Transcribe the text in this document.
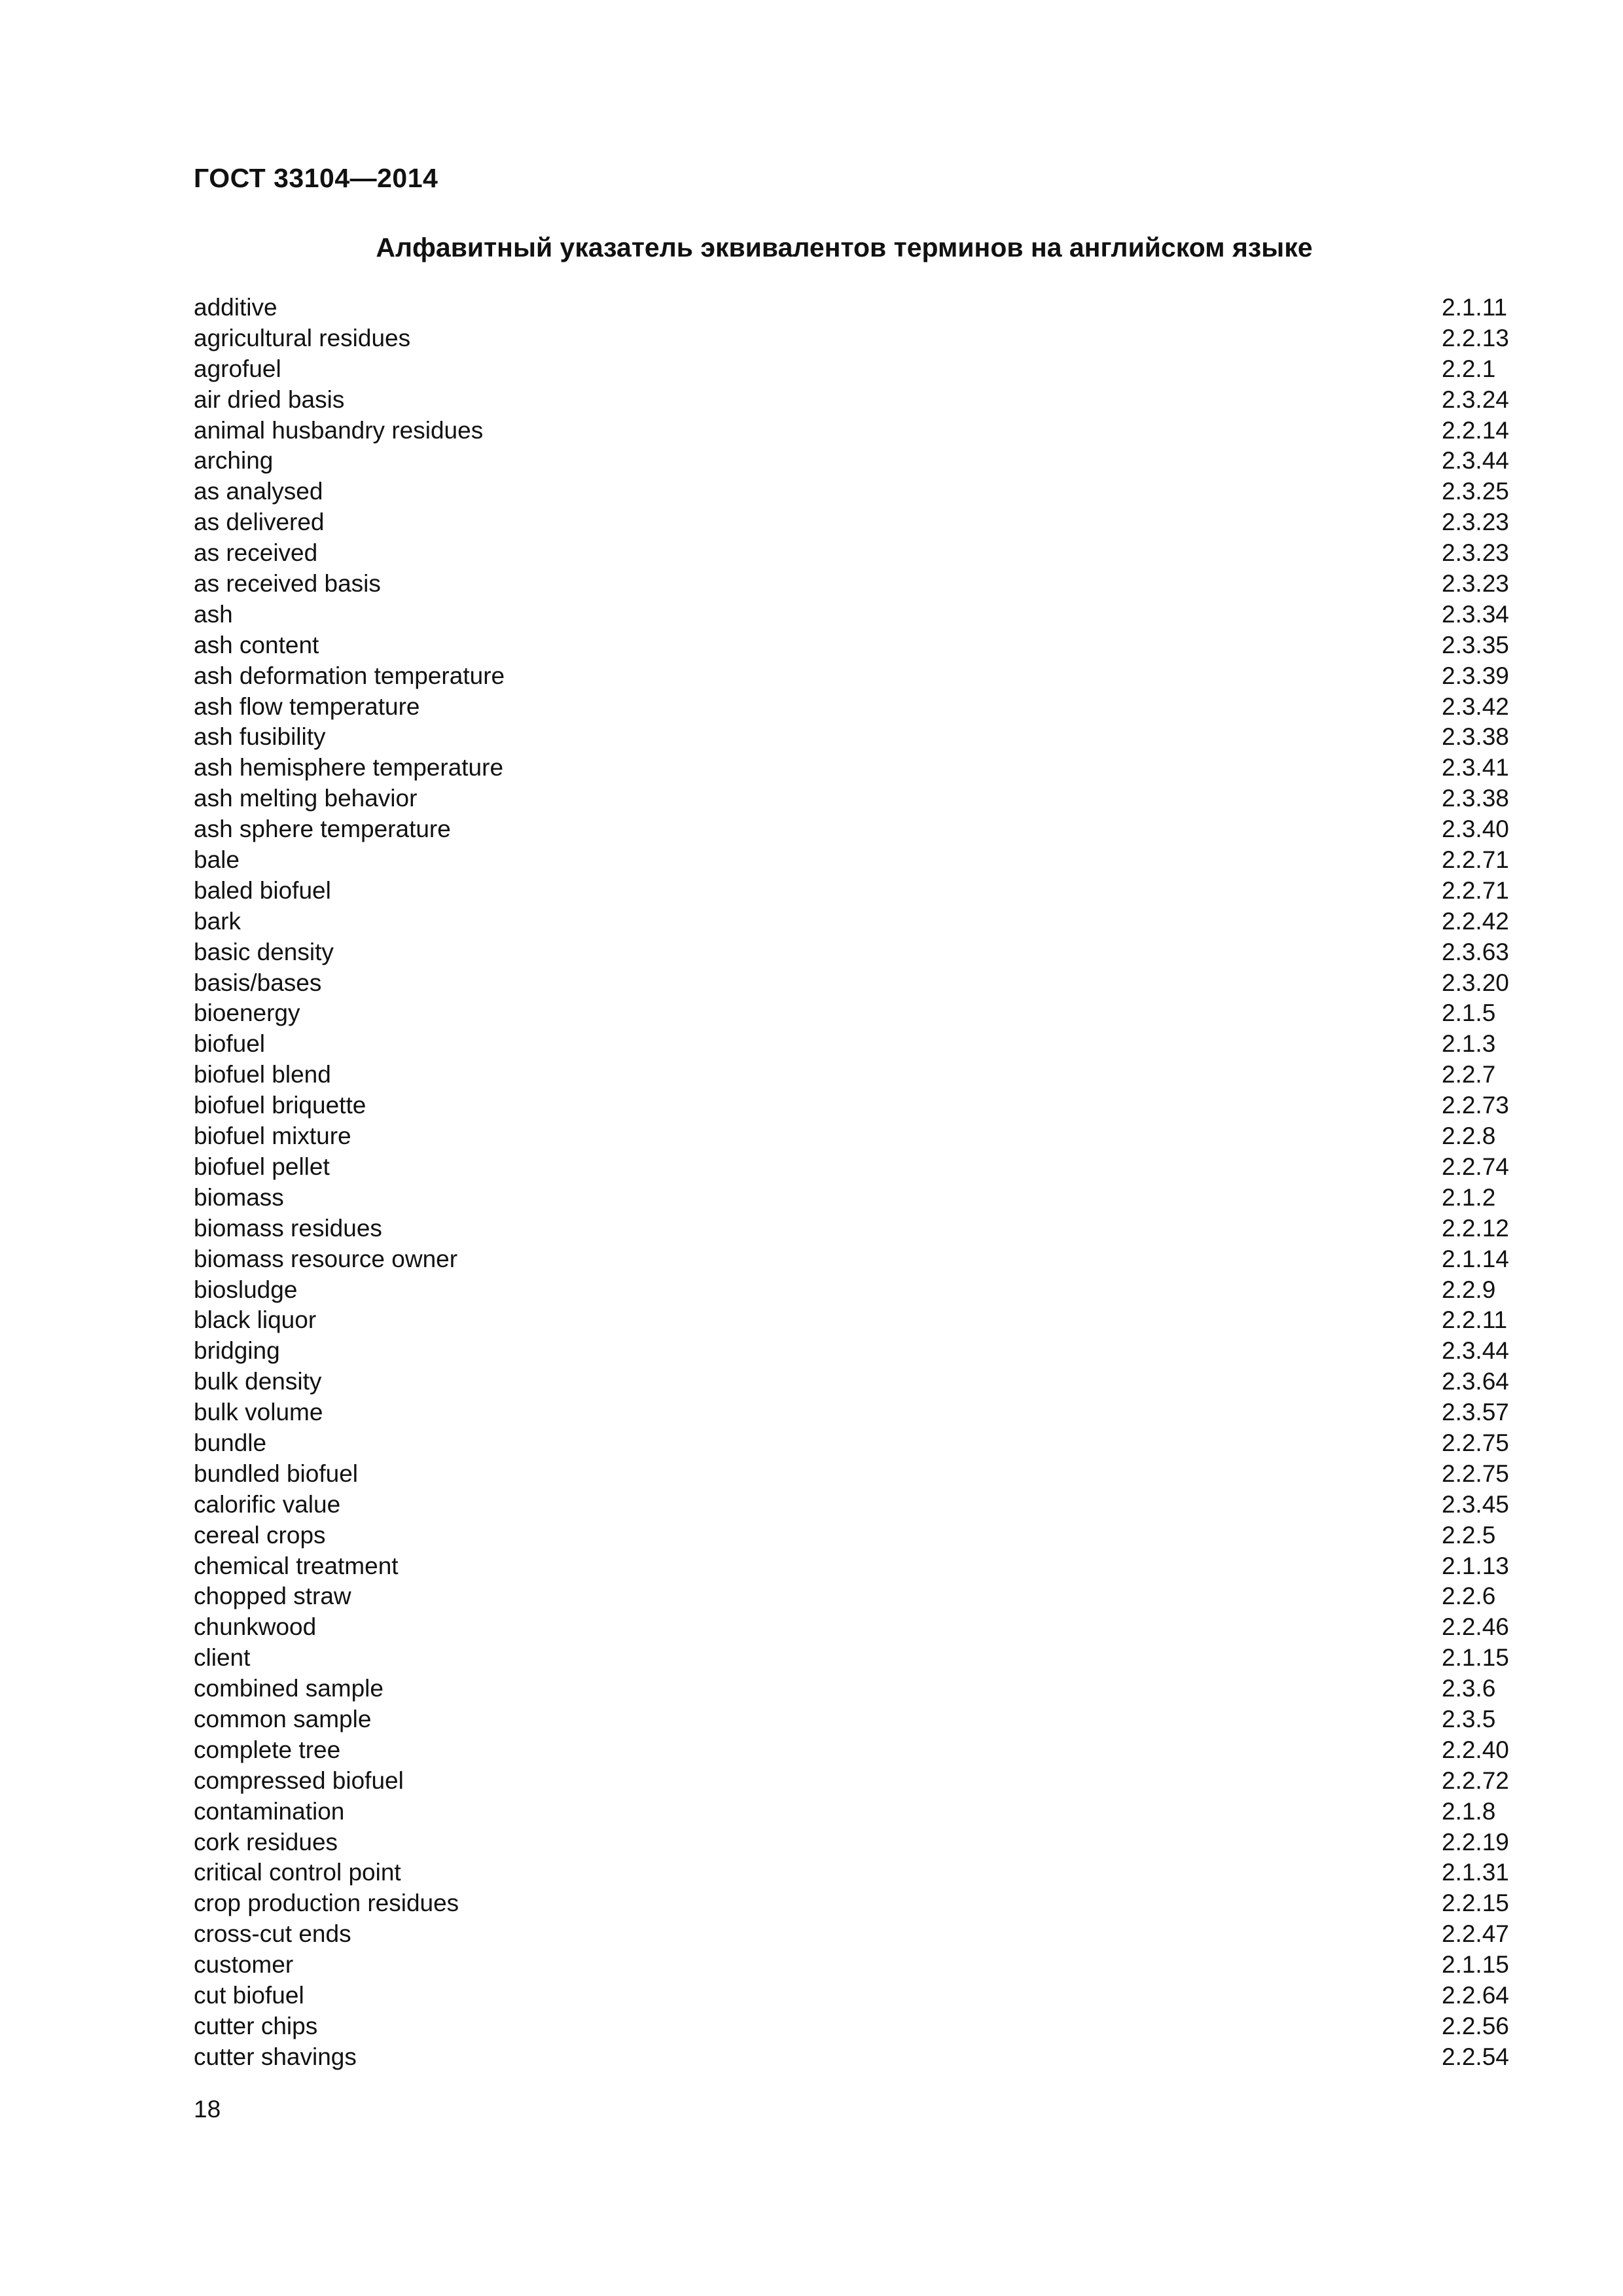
ГОСТ 33104—2014
Алфавитный указатель эквивалентов терминов на английском языке
additive	2.1.11
agricultural residues	2.2.13
agrofuel	2.2.1
air dried basis	2.3.24
animal husbandry residues	2.2.14
arching	2.3.44
as analysed	2.3.25
as delivered	2.3.23
as received	2.3.23
as received basis	2.3.23
ash	2.3.34
ash content	2.3.35
ash deformation temperature	2.3.39
ash flow temperature	2.3.42
ash fusibility	2.3.38
ash hemisphere temperature	2.3.41
ash melting behavior	2.3.38
ash sphere temperature	2.3.40
bale	2.2.71
baled biofuel	2.2.71
bark	2.2.42
basic density	2.3.63
basis/bases	2.3.20
bioenergy	2.1.5
biofuel	2.1.3
biofuel blend	2.2.7
biofuel briquette	2.2.73
biofuel mixture	2.2.8
biofuel pellet	2.2.74
biomass	2.1.2
biomass residues	2.2.12
biomass resource owner	2.1.14
biosludge	2.2.9
black liquor	2.2.11
bridging	2.3.44
bulk density	2.3.64
bulk volume	2.3.57
bundle	2.2.75
bundled biofuel	2.2.75
calorific value	2.3.45
cereal crops	2.2.5
chemical treatment	2.1.13
chopped straw	2.2.6
chunkwood	2.2.46
client	2.1.15
combined sample	2.3.6
common sample	2.3.5
complete tree	2.2.40
compressed biofuel	2.2.72
contamination	2.1.8
cork residues	2.2.19
critical control point	2.1.31
crop production residues	2.2.15
cross-cut ends	2.2.47
customer	2.1.15
cut biofuel	2.2.64
cutter chips	2.2.56
cutter shavings	2.2.54
18
